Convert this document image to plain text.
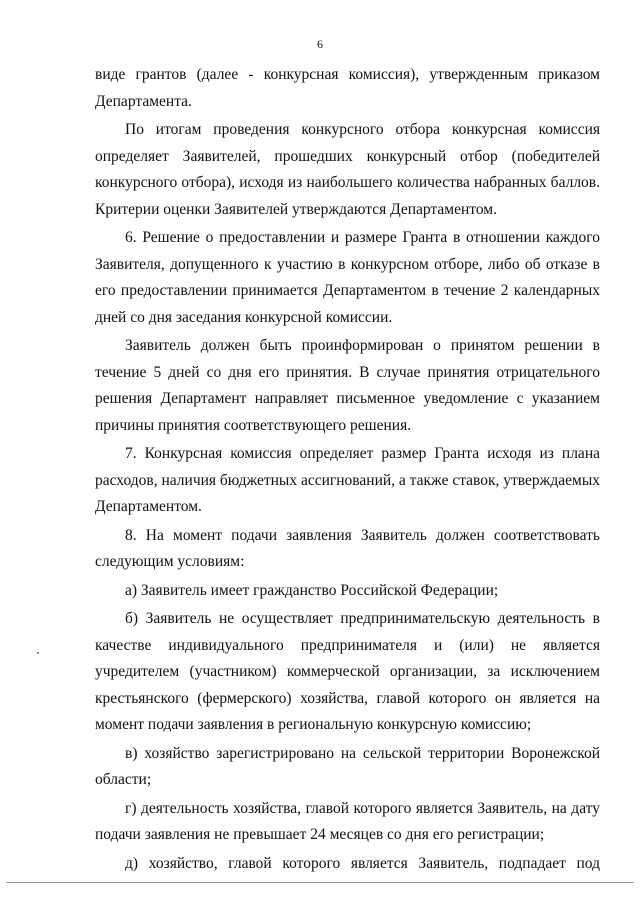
6

виде грантов (далее - конкурсная комиссия), утвержденным приказом Департамента.

По итогам проведения конкурсного отбора конкурсная комиссия определяет Заявителей, прошедших конкурсный отбор (победителей конкурсного отбора), исходя из наибольшего количества набранных баллов. Критерии оценки Заявителей утверждаются Департаментом.

6. Решение о предоставлении и размере Гранта в отношении каждого Заявителя, допущенного к участию в конкурсном отборе, либо об отказе в его предоставлении принимается Департаментом в течение 2 календарных дней со дня заседания конкурсной комиссии.

Заявитель должен быть проинформирован о принятом решении в течение 5 дней со дня его принятия. В случае принятия отрицательного решения Департамент направляет письменное уведомление с указанием причины принятия соответствующего решения.

7. Конкурсная комиссия определяет размер Гранта исходя из плана расходов, наличия бюджетных ассигнований, а также ставок, утверждаемых Департаментом.

8. На момент подачи заявления Заявитель должен соответствовать следующим условиям:

а) Заявитель имеет гражданство Российской Федерации;

б) Заявитель не осуществляет предпринимательскую деятельность в качестве индивидуального предпринимателя и (или) не является учредителем (участником) коммерческой организации, за исключением крестьянского (фермерского) хозяйства, главой которого он является на момент подачи заявления в региональную конкурсную комиссию;

в) хозяйство зарегистрировано на сельской территории Воронежской области;

г) деятельность хозяйства, главой которого является Заявитель, на дату подачи заявления не превышает 24 месяцев со дня его регистрации;

д) хозяйство, главой которого является Заявитель, подпадает под
